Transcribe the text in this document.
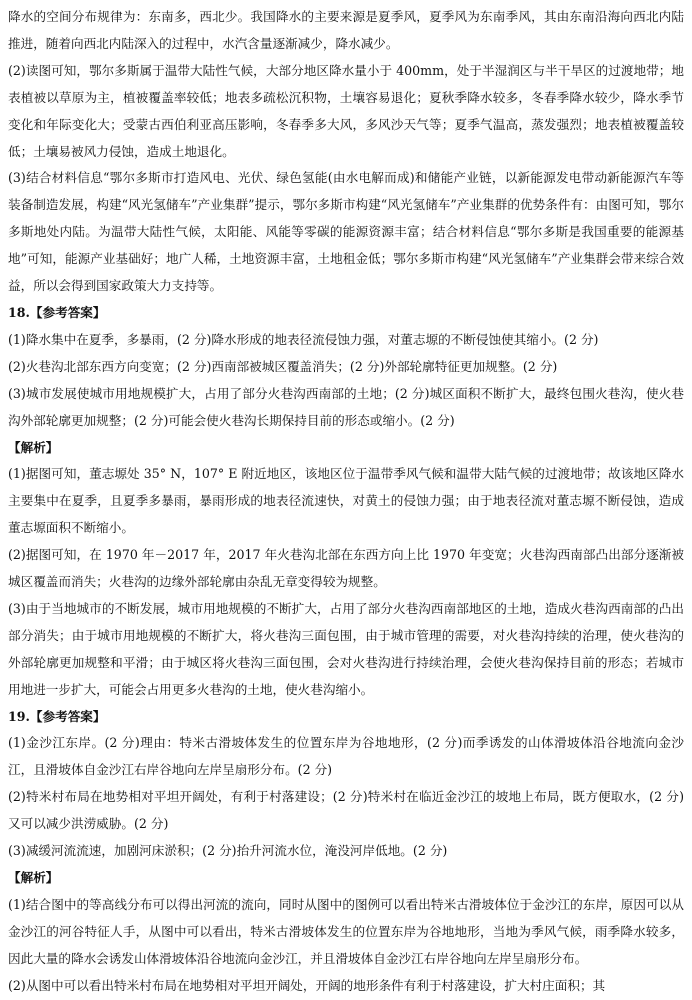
降水的空间分布规律为：东南多，西北少。我国降水的主要来源是夏季风，夏季风为东南季风，其由东南沿海向西北内陆推进，随着向西北内陆深入的过程中，水汽含量逐渐减少，降水减少。

(2)读图可知，鄂尔多斯属于温带大陆性气候，大部分地区降水量小于 400mm，处于半湿润区与半干旱区的过渡地带；地表植被以草原为主，植被覆盖率较低；地表多疏松沉积物，土壤容易退化；夏秋季降水较多，冬春季降水较少，降水季节变化和年际变化大；受蒙古西伯利亚高压影响，冬春季多大风，多风沙天气等；夏季气温高，蒸发强烈；地表植被覆盖较低；土壤易被风力侵蚀，造成土地退化。

(3)结合材料信息“鄂尔多斯市打造风电、光伏、绿色氢能(由水电解而成)和储能产业链，以新能源发电带动新能源汽车等装备制造发展，构建“风光氢储车”产业集群”提示，鄂尔多斯市构建“风光氢储车”产业集群的优势条件有：由图可知，鄂尔多斯地处内陆。为温带大陆性气候，太阳能、风能等零碳的能源资源丰富；结合材料信息“鄂尔多斯是我国重要的能源基地”可知，能源产业基础好；地广人稀，土地资源丰富，土地租金低；鄂尔多斯市构建“风光氢储车”产业集群会带来综合效益，所以会得到国家政策大力支持等。

18.【参考答案】

(1)降水集中在夏季，多暴雨，(2 分)降水形成的地表径流侵蚀力强，对董志塬的不断侵蚀使其缩小。(2 分)

(2)火巷沟北部东西方向变宽；(2 分)西南部被城区覆盖消失；(2 分)外部轮廓特征更加规整。(2 分)

(3)城市发展使城市用地规模扩大，占用了部分火巷沟西南部的土地；(2 分)城区面积不断扩大，最终包围火巷沟，使火巷沟外部轮廓更加规整；(2 分)可能会使火巷沟长期保持目前的形态或缩小。(2 分)

【解析】

(1)据图可知，董志塬处 35° N，107° E 附近地区，该地区位于温带季风气候和温带大陆气候的过渡地带；故该地区降水主要集中在夏季，且夏季多暴雨，暴雨形成的地表径流速快，对黄土的侵蚀力强；由于地表径流对董志塬不断侵蚀，造成董志塬面积不断缩小。

(2)据图可知，在 1970 年－2017 年，2017 年火巷沟北部在东西方向上比 1970 年变宽；火巷沟西南部凸出部分逐渐被城区覆盖而消失；火巷沟的边缘外部轮廓由杂乱无章变得较为规整。

(3)由于当地城市的不断发展，城市用地规模的不断扩大，占用了部分火巷沟西南部地区的土地，造成火巷沟西南部的凸出部分消失；由于城市用地规模的不断扩大，将火巷沟三面包围，由于城市管理的需要，对火巷沟持续的治理，使火巷沟的外部轮廓更加规整和平滑；由于城区将火巷沟三面包围，会对火巷沟进行持续治理，会使火巷沟保持目前的形态；若城市用地进一步扩大，可能会占用更多火巷沟的土地，使火巷沟缩小。

19.【参考答案】

(1)金沙江东岸。(2 分)理由：特米古滑坡体发生的位置东岸为谷地地形，(2 分)而季诱发的山体滑坡体沿谷地流向金沙江，且滑坡体自金沙江右岸谷地向左岸呈扇形分布。(2 分)

(2)特米村布局在地势相对平坦开阔处，有利于村落建设；(2 分)特米村在临近金沙江的坡地上布局，既方便取水，(2 分)又可以减少洪涝威胁。(2 分)

(3)减缓河流流速，加剧河床淤积；(2 分)抬升河流水位，淹没河岸低地。(2 分)

【解析】

(1)结合图中的等高线分布可以得出河流的流向，同时从图中的图例可以看出特米古滑坡体位于金沙江的东岸，原因可以从金沙江的河谷特征人手，从图中可以看出，特米古滑坡体发生的位置东岸为谷地地形，当地为季风气候，雨季降水较多，因此大量的降水会诱发山体滑坡体沿谷地流向金沙江，并且滑坡体自金沙江右岸谷地向左岸呈扇形分布。

(2)从图中可以看出特米村布局在地势相对平坦开阔处，开阔的地形条件有利于村落建设，扩大村庄面积；其
